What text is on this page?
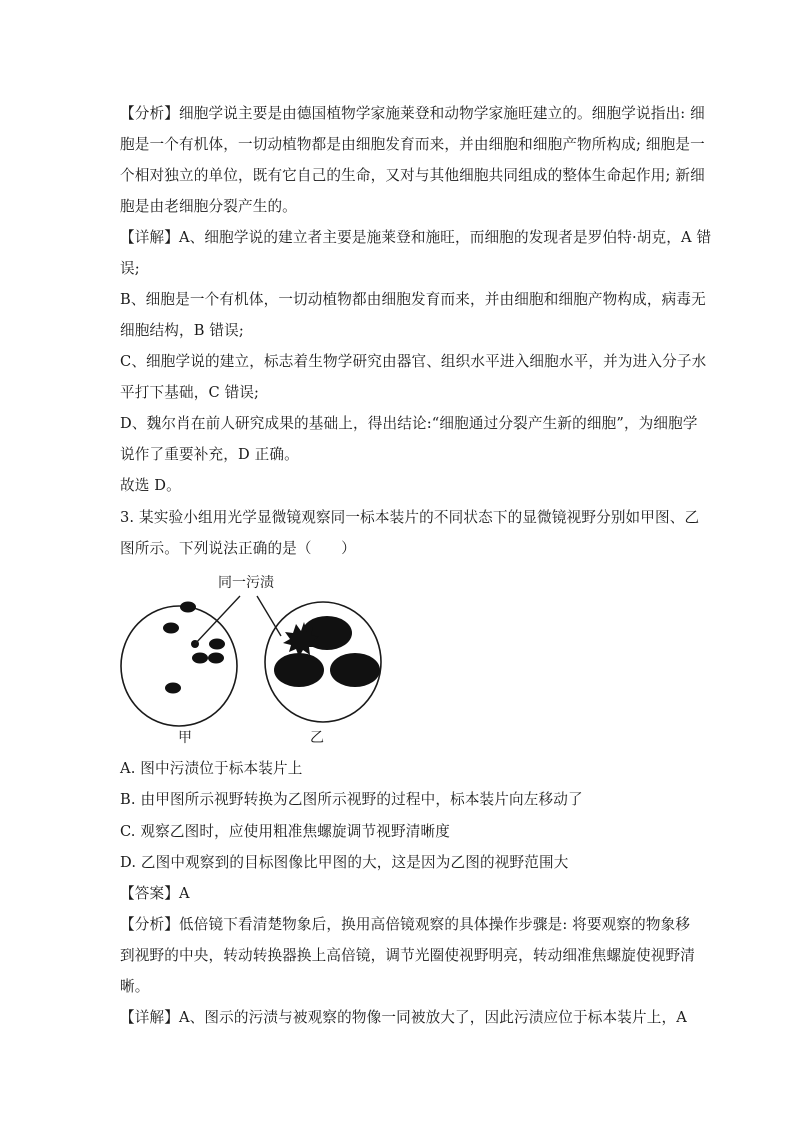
【分析】细胞学说主要是由德国植物学家施莱登和动物学家施旺建立的。细胞学说指出: 细
胞是一个有机体，一切动植物都是由细胞发育而来，并由细胞和细胞产物所构成; 细胞是一
个相对独立的单位，既有它自己的生命，又对与其他细胞共同组成的整体生命起作用; 新细
胞是由老细胞分裂产生的。
【详解】A、细胞学说的建立者主要是施莱登和施旺，而细胞的发现者是罗伯特·胡克，A 错
误;
B、细胞是一个有机体，一切动植物都由细胞发育而来，并由细胞和细胞产物构成，病毒无
细胞结构，B 错误;
C、细胞学说的建立，标志着生物学研究由器官、组织水平进入细胞水平，并为进入分子水
平打下基础，C 错误;
D、魏尔肖在前人研究成果的基础上，得出结论:“细胞通过分裂产生新的细胞”，为细胞学
说作了重要补充，D 正确。
故选 D。
3. 某实验小组用光学显微镜观察同一标本装片的不同状态下的显微镜视野分别如甲图、乙
图所示。下列说法正确的是（　　）
A. 图中污渍位于标本装片上
B. 由甲图所示视野转换为乙图所示视野的过程中，标本装片向左移动了
C. 观察乙图时，应使用粗准焦螺旋调节视野清晰度
D. 乙图中观察到的目标图像比甲图的大，这是因为乙图的视野范围大
【答案】A
【分析】低倍镜下看清楚物象后，换用高倍镜观察的具体操作步骤是: 将要观察的物象移
到视野的中央，转动转换器换上高倍镜，调节光圈使视野明亮，转动细准焦螺旋使视野清
晰。
【详解】A、图示的污渍与被观察的物像一同被放大了，因此污渍应位于标本装片上，A
同一污渍
甲	乙
